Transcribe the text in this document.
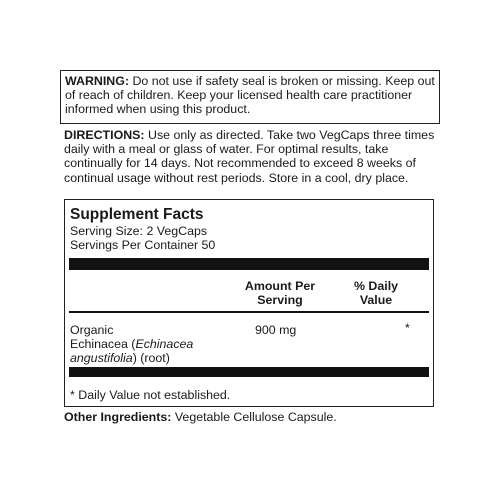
WARNING: Do not use if safety seal is broken or missing. Keep out
of reach of children. Keep your licensed health care practitioner
informed when using this product.
DIRECTIONS: Use only as directed. Take two VegCaps three times
daily with a meal or glass of water. For optimal results, take
continually for 14 days. Not recommended to exceed 8 weeks of
continual usage without rest periods. Store in a cool, dry place.
Supplement Facts
Serving Size: 2 VegCaps
Servings Per Container 50
Amount Per
Serving
% Daily
Value
Organic
Echinacea (Echinacea
angustifolia) (root)
900 mg	*
* Daily Value not established.
Other Ingredients: Vegetable Cellulose Capsule.
